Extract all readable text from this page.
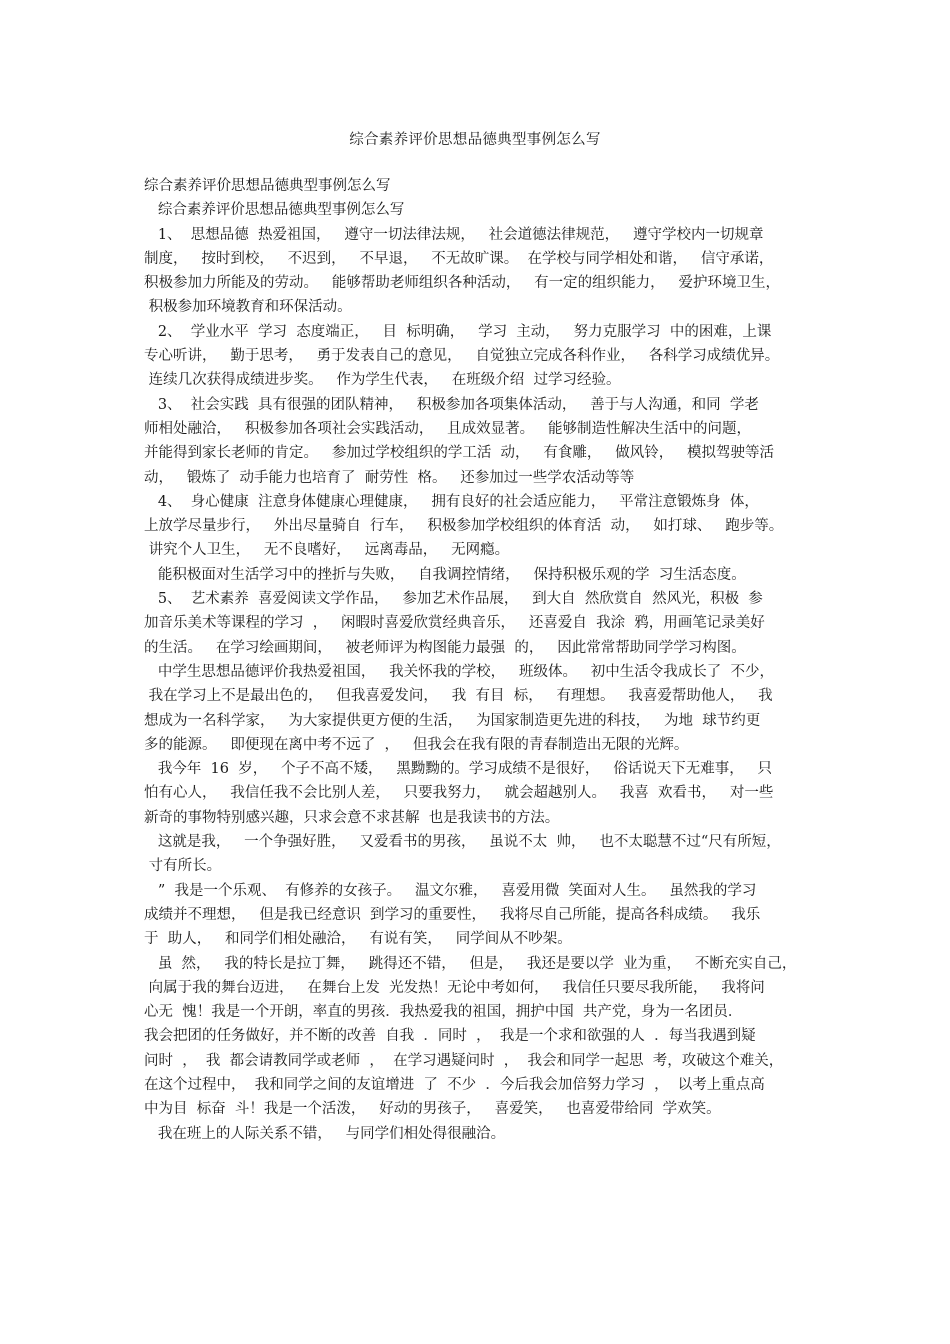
综合素养评价思想品德典型事例怎么写
综合素养评价思想品德典型事例怎么写
综合素养评价思想品德典型事例怎么写
1、  思想品德  热爱祖国，   遵守一切法律法规，   社会道德法律规范，   遵守学校内一切规章
制度，   按时到校，   不迟到，   不早退，   不无故旷课。  在学校与同学相处和谐，   信守承诺，
积极参加力所能及的劳动。   能够帮助老师组织各种活动，   有一定的组织能力，   爱护环境卫生，
积极参加环境教育和环保活动。
2、  学业水平  学习  态度端正，   目  标明确，   学习  主动，   努力克服学习  中的困难，上课
专心听讲，   勤于思考，   勇于发表自己的意见，   自觉独立完成各科作业，   各科学习成绩优异。
连续几次获得成绩进步奖。   作为学生代表，   在班级介绍  过学习经验。
3、  社会实践  具有很强的团队精神，   积极参加各项集体活动，   善于与人沟通，和同  学老
师相处融洽，   积极参加各项社会实践活动，   且成效显著。   能够制造性解决生活中的问题，
并能得到家长老师的肯定。   参加过学校组织的学工活  动，   有食雕，   做风铃，   模拟驾驶等活
动，   锻炼了  动手能力也培育了  耐劳性  格。   还参加过一些学农活动等等
4、  身心健康  注意身体健康心理健康，   拥有良好的社会适应能力，   平常注意锻炼身  体，
上放学尽量步行，   外出尽量骑自  行车，   积极参加学校组织的体育活  动，   如打球、   跑步等。
讲究个人卫生，   无不良嗜好，   远离毒品，   无网瘾。
能积极面对生活学习中的挫折与失败，   自我调控情绪，   保持积极乐观的学  习生活态度。
5、  艺术素养  喜爱阅读文学作品，   参加艺术作品展，   到大自  然欣赏自  然风光，积极  参
加音乐美术等课程的学习  ，   闲暇时喜爱欣赏经典音乐，   还喜爱自  我涂  鸦，用画笔记录美好
的生活。   在学习绘画期间，   被老师评为构图能力最强  的，   因此常常帮助同学学习构图。
中学生思想品德评价我热爱祖国，   我关怀我的学校，   班级体。   初中生活令我成长了  不少，
我在学习上不是最出色的，   但我喜爱发问，   我  有目  标，   有理想。   我喜爱帮助他人，   我
想成为一名科学家，   为大家提供更方便的生活，   为国家制造更先进的科技，   为地  球节约更
多的能源。   即便现在离中考不远了  ，   但我会在我有限的青春制造出无限的光辉。
我今年  16  岁，   个子不高不矮，   黑黝黝的。学习成绩不是很好，   俗话说天下无难事，   只
怕有心人，   我信任我不会比别人差，   只要我努力，   就会超越别人。   我喜  欢看书，   对一些
新奇的事物特别感兴趣，只求会意不求甚解  也是我读书的方法。
这就是我，   一个争强好胜，   又爱看书的男孩，   虽说不太  帅，   也不太聪慧不过“尺有所短，
寸有所长。
”  我是一个乐观、  有修养的女孩子。   温文尔雅，   喜爱用微  笑面对人生。   虽然我的学习
成绩并不理想，   但是我已经意识  到学习的重要性，   我将尽自己所能，提高各科成绩。   我乐
于  助人，   和同学们相处融洽，   有说有笑，   同学间从不吵架。
虽  然，   我的特长是拉丁舞，   跳得还不错，   但是，   我还是要以学  业为重，   不断充实自己，
向属于我的舞台迈进，   在舞台上发  光发热！无论中考如何，   我信任只要尽我所能，   我将问
心无  愧！我是一个开朗，率直的男孩．我热爱我的祖国，拥护中国  共产党，身为一名团员．
我会把团的任务做好，并不断的改善  自我  ．同时  ，  我是一个求和欲强的人  ．每当我遇到疑
问时  ，  我  都会请教同学或老师  ，  在学习遇疑问时  ，  我会和同学一起思  考，攻破这个难关，
在这个过程中，  我和同学之间的友谊增进  了  不少  ．今后我会加倍努力学习  ，  以考上重点高
中为目  标奋  斗！我是一个活泼，   好动的男孩子，   喜爱笑，   也喜爱带给同  学欢笑。
我在班上的人际关系不错，   与同学们相处得很融洽。
